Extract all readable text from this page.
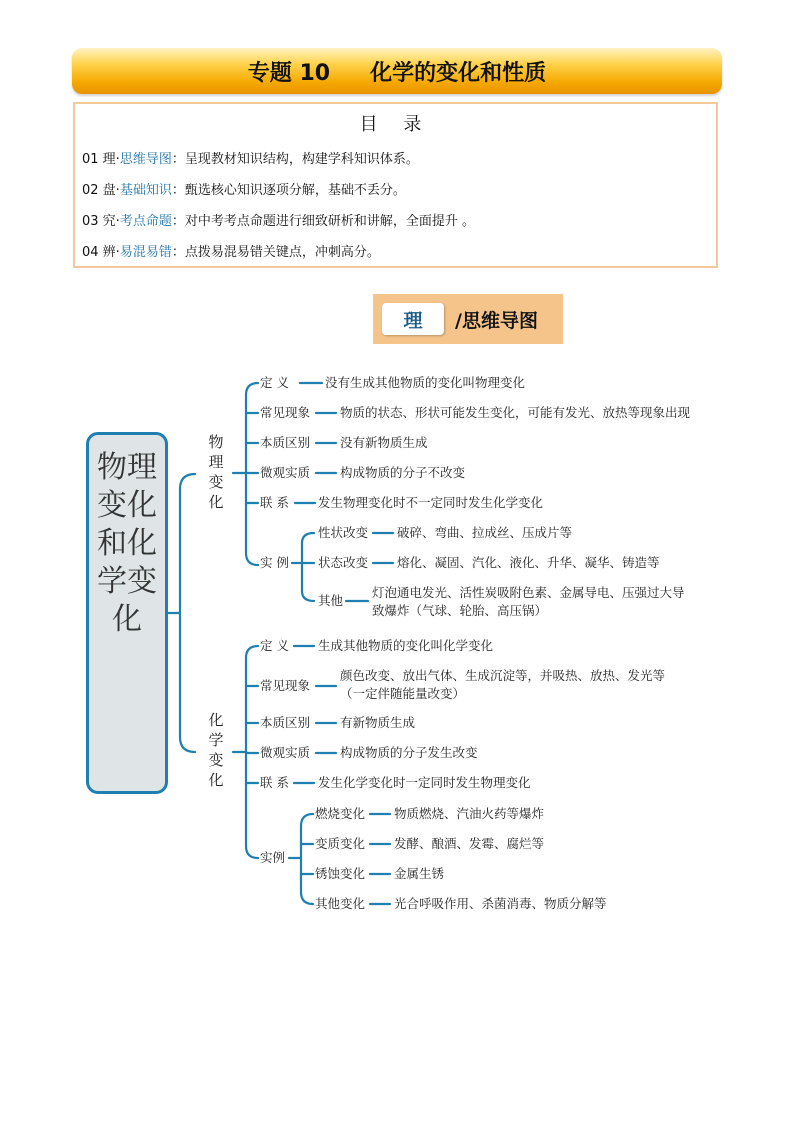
专题 10 化学的变化和性质
目 录
01 理·思维导图：呈现教材知识结构，构建学科知识体系。
02 盘·基础知识：甄选核心知识逐项分解，基础不丢分。
03 究·考点命题：对中考考点命题进行细致研析和讲解，全面提升 。
04 辨·易混易错：点拨易混易错关键点，冲刺高分。
理	/思维导图
物理变化和化学变化
物理变化
化学变化
定 义	没有生成其他物质的变化叫物理变化
常见现象 物质的状态、形状可能发生变化，可能有发光、放热等现象出现
本质区别 没有新物质生成
微观实质 构成物质的分子不改变
联 系 发生物理变化时不一定同时发生化学变化
实 例
性状改变 破碎、弯曲、拉成丝、压成片等
状态改变 熔化、凝固、汽化、液化、升华、凝华、铸造等
其他
灯泡通电发光、活性炭吸附色素、金属导电、压强过大导
致爆炸（气球、轮胎、高压锅）
定 义 生成其他物质的变化叫化学变化
常见现象
颜色改变、放出气体、生成沉淀等，并吸热、放热、发光等
（一定伴随能量改变）
本质区别 有新物质生成
微观实质 构成物质的分子发生改变
联 系 发生化学变化时一定同时发生物理变化
实例
燃烧变化 物质燃烧、汽油火药等爆炸
变质变化 发酵、酿酒、发霉、腐烂等
锈蚀变化 金属生锈
其他变化 光合呼吸作用、杀菌消毒、物质分解等
